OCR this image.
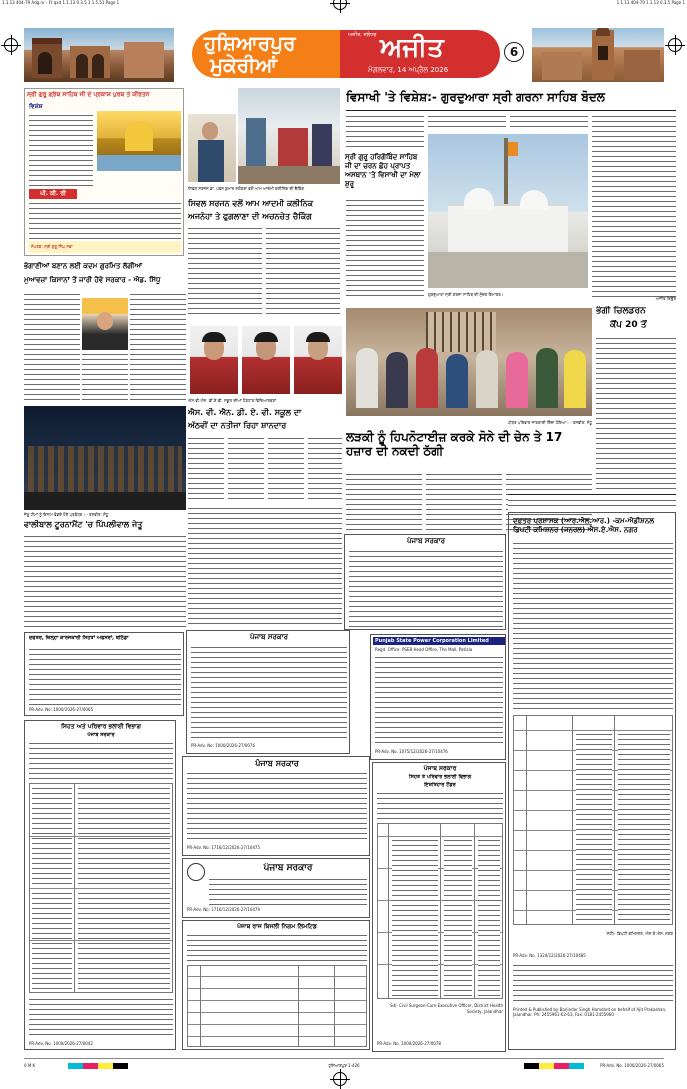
1.1.13 404-79 Adg.nr - Ft qxd 1.1.13 0.3.5 1 1.5.51 Page 1	1.1.13 404-79 1.1.13 0.3.5 Page 1
ਹੁਸ਼ਿਆਰਪੁਰ
ਮੁਕੇਰੀਆਂ
ਅਜੀਤ, ਜਲੰਧਰ ਅਜੀਤ
ਮੰਗਲਵਾਰ, 14 ਅਪ੍ਰੈਲ 2026
6
ਸ੍ਰੀ ਗੁਰੂ ਗ੍ਰੰਥ ਸਾਹਿਬ ਜੀ ਦੇ ਪ੍ਰਕਾਸ਼ ਪੁਰਬ ਤੇ ਕੀਰਤਨ
ਵਿਸ਼ੇਸ਼
ਪੀ. ਕੀ. ਰੀ
ਸੰਪਰਕ: ਸ੍ਰੀ ਗੁਰੂ ਸਿੰਘ ਸਭਾ
ਭੰਗਾਣੀਆਂ ਬਣਾਨ ਲਈ ਕਦਮ ਗੁਰਮਿਤ ਲੱਗੀਆਂ
ਮੁਆਵਜ਼ਾ ਕਿਸਾਨਾਂ ਤੋਂ ਜਾਰੀ ਹੋਵੇ ਸਰਕਾਰ - ਐਡ. ਸਿੱਧੂ
ਜੇਤੂ ਟੀਮਾਂ ਨੂੰ ਇਨਾਮ ਵੰਡਦੇ ਹੋਏ ਪ੍ਰਬੰਧਕ। - ਤਸਵੀਰ: ਸੰਧੂ
ਵਾਲੀਬਾਲ ਟੂਰਨਾਮੈਂਟ 'ਚ ਪਿੱਪਲੀਵਾਲ ਜੇਤੂ
ਦਫਤਰ, ਜ਼ਿਲ੍ਹਾ ਕਾਰਜਕਾਰੀ ਸਿਹਤਾਂ ਅਫਸਰਾਂ, ਬਠਿੰਡਾ
PR-Adv. No: 1000/2026-27/0065
ਸਿਹਤ ਅਤੇ ਪਰਿਵਾਰ ਭਲਾਈ ਵਿਭਾਗ
ਪੰਜਾਬ ਸਰਕਾਰ
PR-Adv. No. 1000/2026-27/0042
ਸਿਵਲ ਸਰਜਨ ਡਾ. ਪਵਨ ਕੁਮਾਰ ਸ਼ਗੋਤਰਾ ਵਲੋਂ ਆਮ ਆਦਮੀ ਕਲੀਨਿਕ ਦੀ ਚੈਕਿੰਗ
ਸਿਵਲ ਸਰਜਨ ਵਲੋਂ ਆਮ ਆਦਮੀ ਕਲੀਨਿਕ
ਅਜਨੋਹਾ ਤੇ ਫੁਗਲਾਣਾ ਦੀ ਅਚਨਚੇਤ ਚੈਕਿੰਗ
ਐਸ.ਵੀ.ਐਨ. ਡੀ.ਏ.ਵੀ. ਸਕੂਲ ਦੀਆਂ ਹੋਣਹਾਰ ਵਿਦਿਆਰਥਣਾਂ
ਐਸ. ਵੀ. ਐਨ. ਡੀ. ਏ. ਵੀ. ਸਕੂਲ ਦਾ
ਅੱਠਵੀਂ ਦਾ ਨਤੀਜਾ ਰਿਹਾ ਸ਼ਾਨਦਾਰ
ਪੰਜਾਬ ਸਰਕਾਰ
PR-Adv. No: 1000/2026-27/0076
ਪੰਜਾਬ ਸਰਕਾਰ
PR-Adv. No: 1716/12/2026-27/10475
ਪੰਜਾਬ ਸਰਕਾਰ
PR-Adv. No: 1716/12/2026-27/10479
ਪੰਜਾਬ ਰਾਜ ਬਿਜਲੀ ਨਿਗਮ ਲਿਮਟਿਡ
ਵਿਸਾਖੀ 'ਤੇ ਵਿਸ਼ੇਸ਼:- ਗੁਰਦੁਆਰਾ ਸ੍ਰੀ ਗਰਨਾ ਸਾਹਿਬ ਬੋਦਲ
ਸ੍ਰੀ ਗੁਰੂ ਹਰਿਗੋਬਿੰਦ ਸਾਹਿਬ ਜੀ ਦਾ ਚਰਨ ਛੋਹ ਪ੍ਰਾਪਤ ਅਸਥਾਨ 'ਤੇ ਵਿਸਾਖੀ ਦਾ ਮੇਲਾ ਸ਼ੁਰੂ
ਗੁਰਦੁਆਰਾ ਸ੍ਰੀ ਗਰਨਾ ਸਾਹਿਬ ਦੀ ਸੁੰਦਰ ਇਮਾਰਤ।
ਅਜੀਤ ਬਿਊਰੋ
ਭੰਗੀ ਚਿਲਡਰਨ
ਕੈਂਪ 20 ਤੋਂ
ਪੀੜਤ ਪਰਿਵਾਰ ਜਾਣਕਾਰੀ ਦਿੰਦਾ ਹੋਇਆ। - ਤਸਵੀਰ: ਸੰਧੂ
ਲੜਕੀ ਨੂੰ ਹਿਪਨੋਟਾਈਜ਼ ਕਰਕੇ ਸੋਨੇ ਦੀ ਚੇਨ ਤੇ 17 ਹਜ਼ਾਰ ਦੀ ਨਕਦੀ ਠੱਗੀ
ਪੰਜਾਬ ਸਰਕਾਰ
Punjab State Power Corporation Limited
Regd. Office: PSEB Head Office, The Mall, Patiala
PR-Adv. No. 1075/12/2026-27/10476
ਪੰਜਾਬ ਸਰਕਾਰ
ਸਿਹਤ ਤੇ ਪਰਿਵਾਰ ਭਲਾਈ ਵਿਭਾਗ
ਇਸ਼ਤਿਹਾਰ ਟੈਂਡਰ
Sd/- Civil Surgeon-Cum-Executive Officer, District Health Society, Jalandhar
PR-Adv. No. 1000/2026-27/0078
ਦਫ਼ਤਰ ਪ੍ਰਸ਼ਾਸਕ (ਆਰ.ਐਲ.ਆਰ.) -ਕਮ-ਐਡੀਸ਼ਨਲ ਡਿਪਟੀ ਕਮਿਸ਼ਨਰ (ਜਨਰਲ) ਐਸ.ਏ.ਐਸ. ਨਗਰ
ਸਹੀ/- ਡਿਪਟੀ ਕਮਿਸ਼ਨਰ, ਐਸ.ਏ.ਐਸ. ਨਗਰ
PR-Adv. No. 1324/12/2026-27/10485
Printed & Published by Barjinder Singh Hamdard on behalf of Ajit Prakashan, Jalandhar. Ph: 2455961-62-63, Fax: 0181-2455960
0 M K	ਹੁਸ਼ਿਆਰਪੁਰ 1-426	PR-Adv. No. 1000/2026-27/0065
